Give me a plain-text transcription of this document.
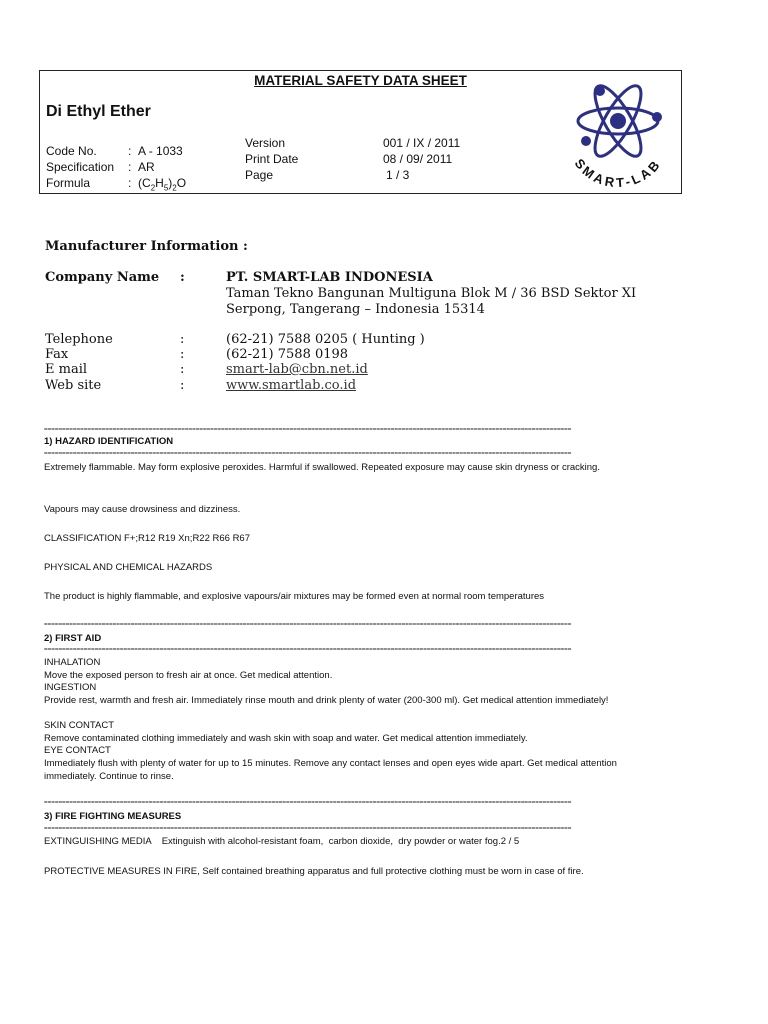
MATERIAL SAFETY DATA SHEET
Di Ethyl Ether
Code No.	: A - 1033
Specification : AR
Formula	: $(C_2H_5)_2O$
Version	001 / IX / 2011
Print Date	08 / 09/ 2011
Page	1 / 3
SMART-LAB
Manufacturer Information :
Company Name :	PT. SMART-LAB INDONESIA
Taman Tekno Bangunan Multiguna Blok M / 36 BSD Sektor XI
Serpong, Tangerang – Indonesia 15314
Telephone	:	(62-21) 7588 0205 ( Hunting )
Fax	:	(62-21) 7588 0198
E mail	:	smart-lab@cbn.net.id
Web site	:	www.smartlab.co.id
==================================================================================================================================================
1) HAZARD IDENTIFICATION
==================================================================================================================================================
Extremely flammable. May form explosive peroxides. Harmful if swallowed. Repeated exposure may cause skin dryness or cracking.
Vapours may cause drowsiness and dizziness.
CLASSIFICATION F+;R12 R19 Xn;R22 R66 R67
PHYSICAL AND CHEMICAL HAZARDS
The product is highly flammable, and explosive vapours/air mixtures may be formed even at normal room temperatures
==================================================================================================================================================
2) FIRST AID
==================================================================================================================================================
INHALATION
Move the exposed person to fresh air at once. Get medical attention.
INGESTION
Provide rest, warmth and fresh air. Immediately rinse mouth and drink plenty of water (200-300 ml). Get medical attention immediately!
SKIN CONTACT
Remove contaminated clothing immediately and wash skin with soap and water. Get medical attention immediately.
EYE CONTACT
Immediately flush with plenty of water for up to 15 minutes. Remove any contact lenses and open eyes wide apart. Get medical attention immediately. Continue to rinse.
==================================================================================================================================================
3) FIRE FIGHTING MEASURES
==================================================================================================================================================
EXTINGUISHING MEDIA    Extinguish with alcohol-resistant foam,  carbon dioxide,  dry powder or water fog.2 / 5
PROTECTIVE MEASURES IN FIRE, Self contained breathing apparatus and full protective clothing must be worn in case of fire.
